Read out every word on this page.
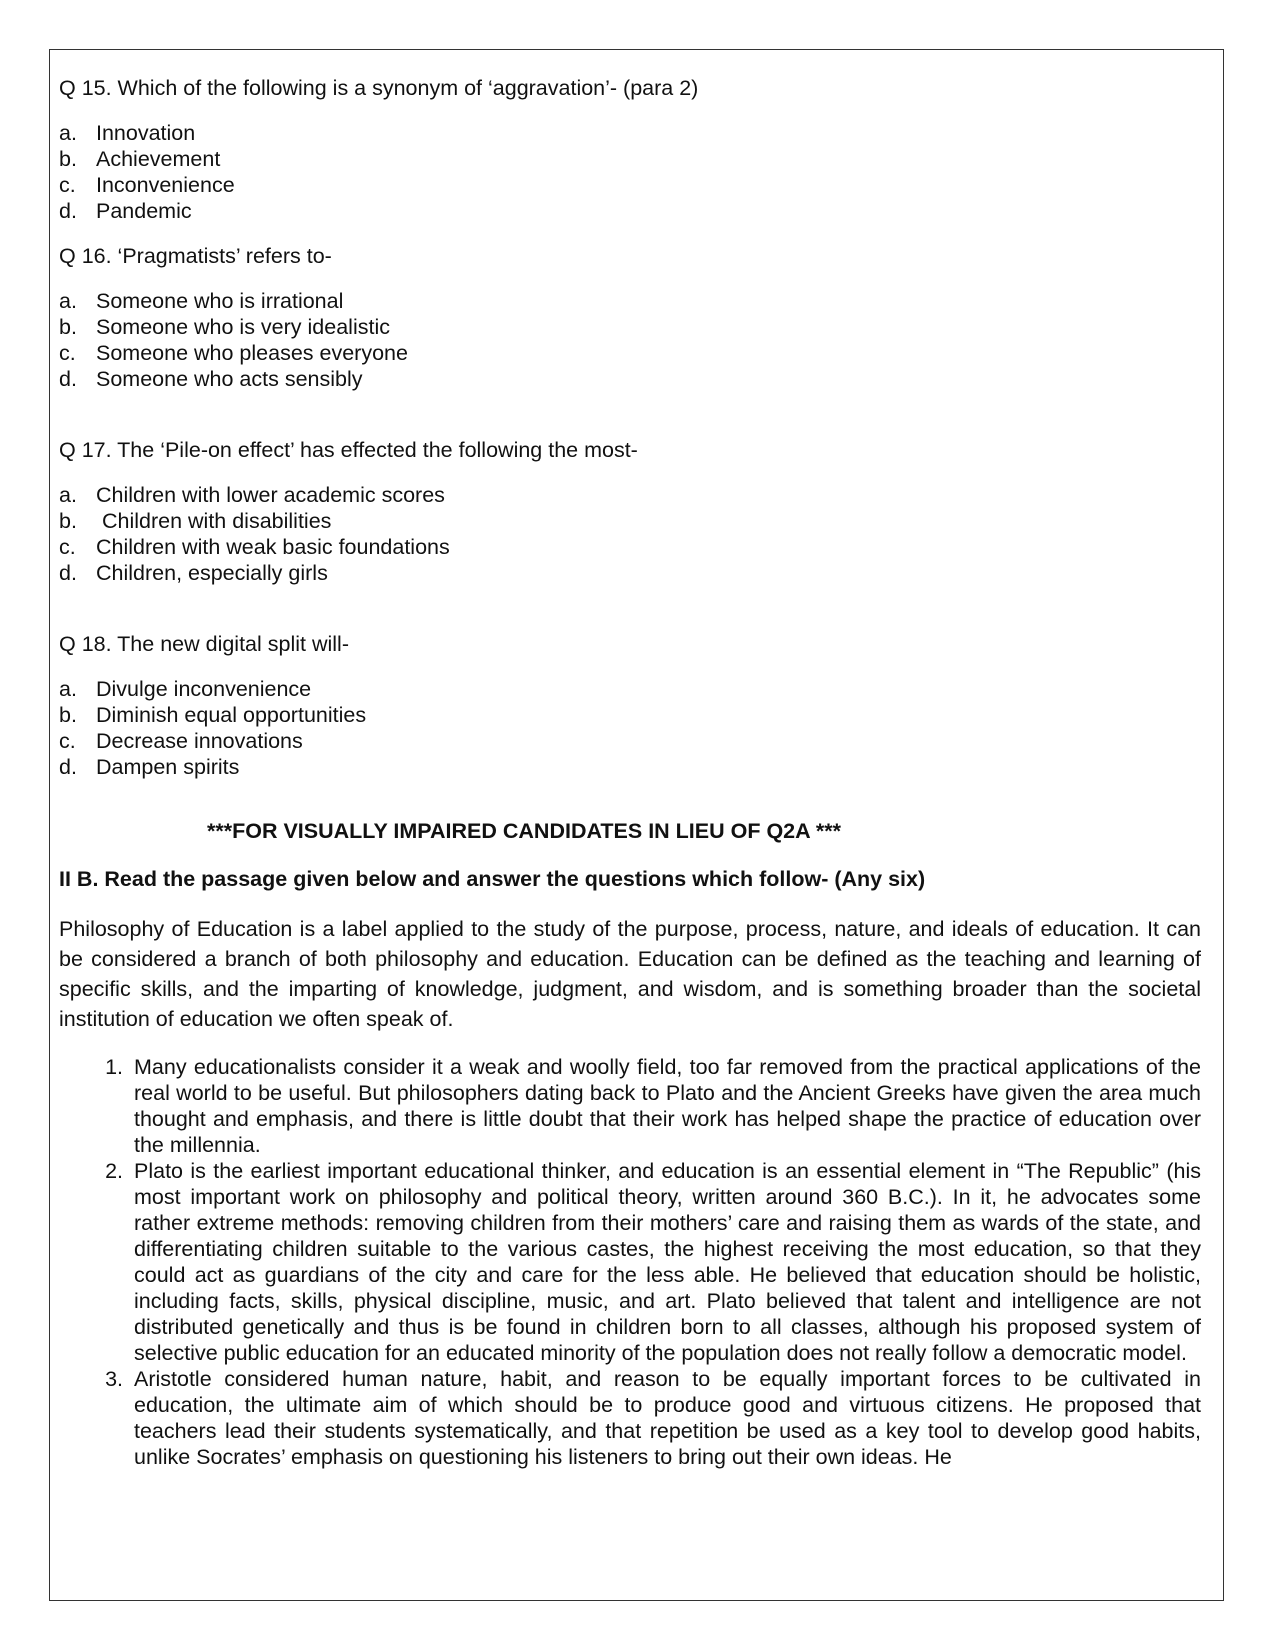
Q 15. Which of the following is a synonym of ‘aggravation’- (para 2)
a. Innovation
b. Achievement
c. Inconvenience
d. Pandemic
Q 16. ‘Pragmatists’ refers to-
a. Someone who is irrational
b. Someone who is very idealistic
c. Someone who pleases everyone
d. Someone who acts sensibly
Q 17. The ‘Pile-on effect’ has effected the following the most-
a. Children with lower academic scores
b. Children with disabilities
c. Children with weak basic foundations
d. Children, especially girls
Q 18. The new digital split will-
a. Divulge inconvenience
b. Diminish equal opportunities
c. Decrease innovations
d. Dampen spirits
***FOR VISUALLY IMPAIRED CANDIDATES IN LIEU OF Q2A ***
II B. Read the passage given below and answer the questions which follow- (Any six)

Philosophy of Education is a label applied to the study of the purpose, process, nature, and ideals of education. It can be considered a branch of both philosophy and education. Education can be defined as the teaching and learning of specific skills, and the imparting of knowledge, judgment, and wisdom, and is something broader than the societal institution of education we often speak of.

1. Many educationalists consider it a weak and woolly field, too far removed from the practical applications of the real world to be useful. But philosophers dating back to Plato and the Ancient Greeks have given the area much thought and emphasis, and there is little doubt that their work has helped shape the practice of education over the millennia.
2. Plato is the earliest important educational thinker, and education is an essential element in “The Republic” (his most important work on philosophy and political theory, written around 360 B.C.). In it, he advocates some rather extreme methods: removing children from their mothers’ care and raising them as wards of the state, and differentiating children suitable to the various castes, the highest receiving the most education, so that they could act as guardians of the city and care for the less able. He believed that education should be holistic, including facts, skills, physical discipline, music, and art. Plato believed that talent and intelligence are not distributed genetically and thus is be found in children born to all classes, although his proposed system of selective public education for an educated minority of the population does not really follow a democratic model.
3. Aristotle considered human nature, habit, and reason to be equally important forces to be cultivated in education, the ultimate aim of which should be to produce good and virtuous citizens. He proposed that teachers lead their students systematically, and that repetition be used as a key tool to develop good habits, unlike Socrates’ emphasis on questioning his listeners to bring out their own ideas. He
